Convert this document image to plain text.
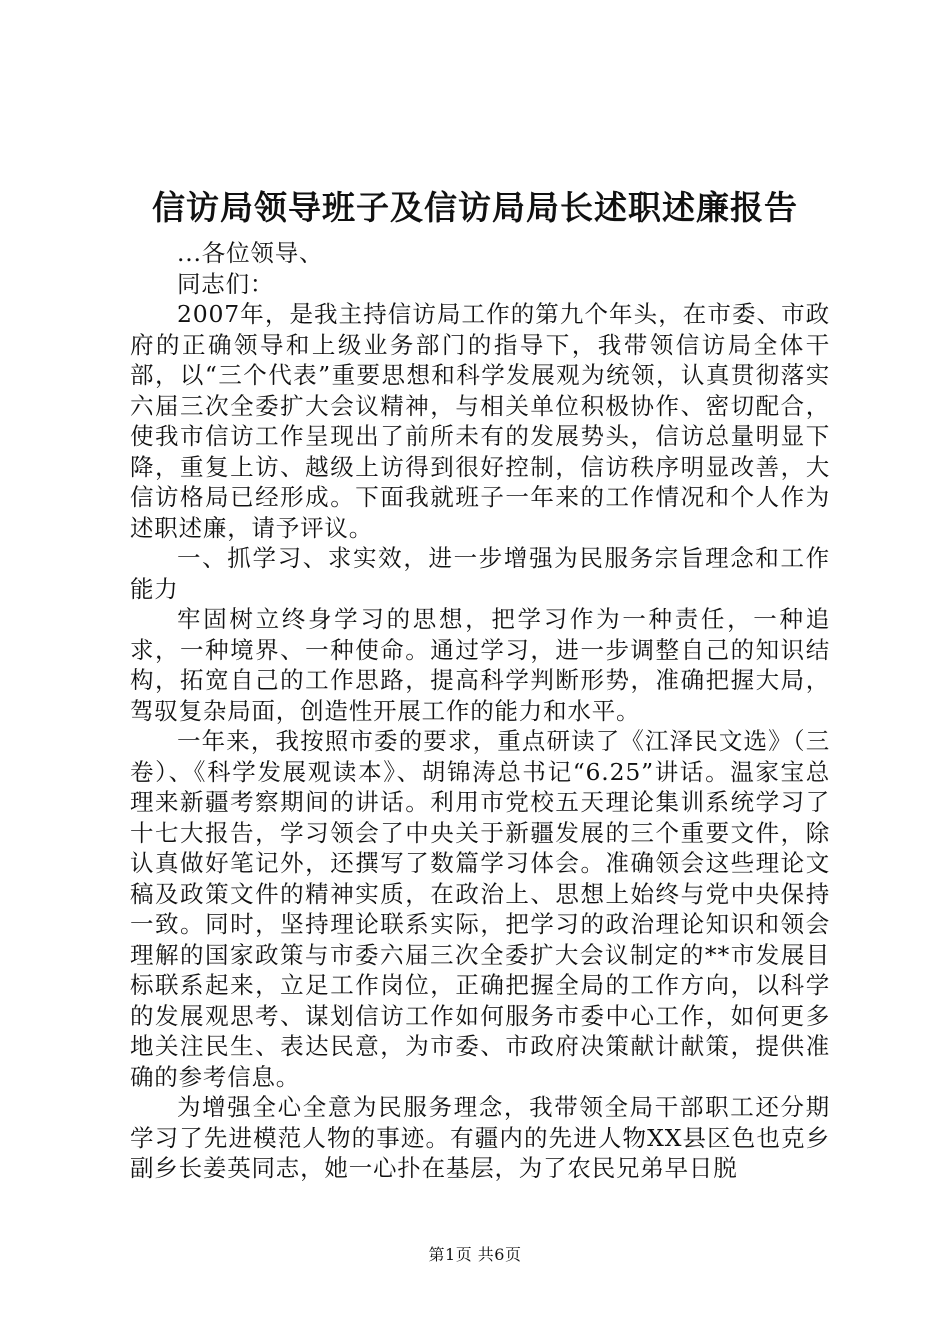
信访局领导班子及信访局局长述职述廉报告

...各位领导、

同志们：

2007年，是我主持信访局工作的第九个年头，在市委、市政府的正确领导和上级业务部门的指导下，我带领信访局全体干部，以“三个代表”重要思想和科学发展观为统领，认真贯彻落实六届三次全委扩大会议精神，与相关单位积极协作、密切配合，使我市信访工作呈现出了前所未有的发展势头，信访总量明显下降，重复上访、越级上访得到很好控制，信访秩序明显改善，大信访格局已经形成。下面我就班子一年来的工作情况和个人作为述职述廉，请予评议。

一、抓学习、求实效，进一步增强为民服务宗旨理念和工作能力

牢固树立终身学习的思想，把学习作为一种责任，一种追求，一种境界、一种使命。通过学习，进一步调整自己的知识结构，拓宽自己的工作思路，提高科学判断形势，准确把握大局，驾驭复杂局面，创造性开展工作的能力和水平。

一年来，我按照市委的要求，重点研读了《江泽民文选》（三卷）、《科学发展观读本》、胡锦涛总书记“6.25”讲话。温家宝总理来新疆考察期间的讲话。利用市党校五天理论集训系统学习了十七大报告，学习领会了中央关于新疆发展的三个重要文件，除认真做好笔记外，还撰写了数篇学习体会。准确领会这些理论文稿及政策文件的精神实质，在政治上、思想上始终与党中央保持一致。同时，坚持理论联系实际，把学习的政治理论知识和领会理解的国家政策与市委六届三次全委扩大会议制定的**市发展目标联系起来，立足工作岗位，正确把握全局的工作方向，以科学的发展观思考、谋划信访工作如何服务市委中心工作，如何更多地关注民生、表达民意，为市委、市政府决策献计献策，提供准确的参考信息。

为增强全心全意为民服务理念，我带领全局干部职工还分期学习了先进模范人物的事迹。有疆内的先进人物XX县区色也克乡副乡长姜英同志，她一心扑在基层，为了农民兄弟早日脱

第1页 共6页
